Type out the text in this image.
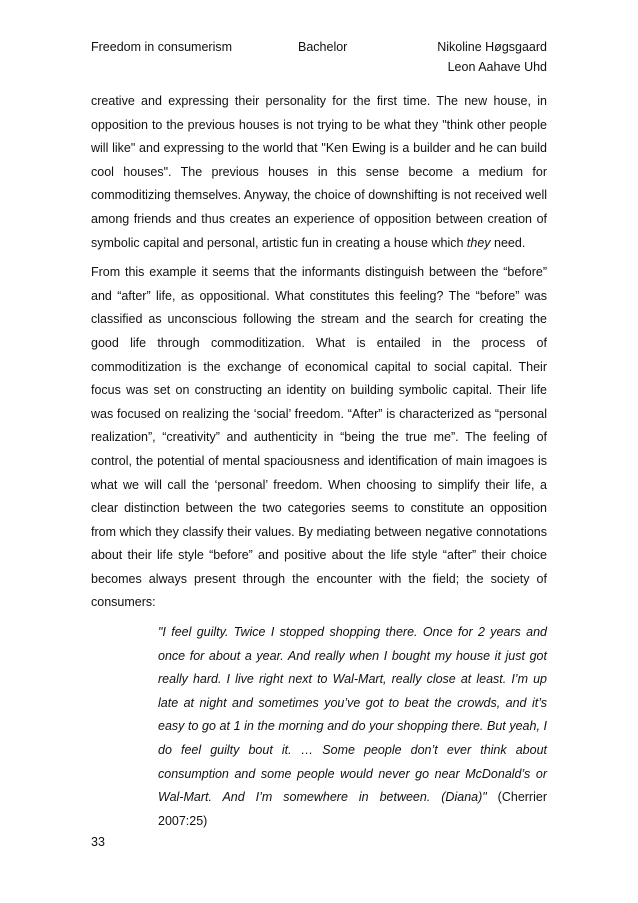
Freedom in consumerism	Bachelor	Nikoline Høgsgaard
Leon Aahave Uhd

creative and expressing their personality for the first time. The new house, in opposition to the previous houses is not trying to be what they "think other people will like" and expressing to the world that "Ken Ewing is a builder and he can build cool houses". The previous houses in this sense become a medium for commoditizing themselves. Anyway, the choice of downshifting is not received well among friends and thus creates an experience of opposition between creation of symbolic capital and personal, artistic fun in creating a house which they need.

From this example it seems that the informants distinguish between the “before” and “after” life, as oppositional. What constitutes this feeling? The “before” was classified as unconscious following the stream and the search for creating the good life through commoditization. What is entailed in the process of commoditization is the exchange of economical capital to social capital. Their focus was set on constructing an identity on building symbolic capital. Their life was focused on realizing the ‘social’ freedom. “After” is characterized as “personal realization”, “creativity” and authenticity in “being the true me”. The feeling of control, the potential of mental spaciousness and identification of main imagoes is what we will call the ‘personal’ freedom. When choosing to simplify their life, a clear distinction between the two categories seems to constitute an opposition from which they classify their values. By mediating between negative connotations about their life style “before” and positive about the life style “after” their choice becomes always present through the encounter with the field; the society of consumers:

"I feel guilty. Twice I stopped shopping there. Once for 2 years and once for about a year. And really when I bought my house it just got really hard. I live right next to Wal-Mart, really close at least. I’m up late at night and sometimes you’ve got to beat the crowds, and it’s easy to go at 1 in the morning and do your shopping there. But yeah, I do feel guilty bout it. … Some people don’t ever think about consumption and some people would never go near McDonald’s or Wal-Mart. And I’m somewhere in between. (Diana)" (Cherrier 2007:25)
33
